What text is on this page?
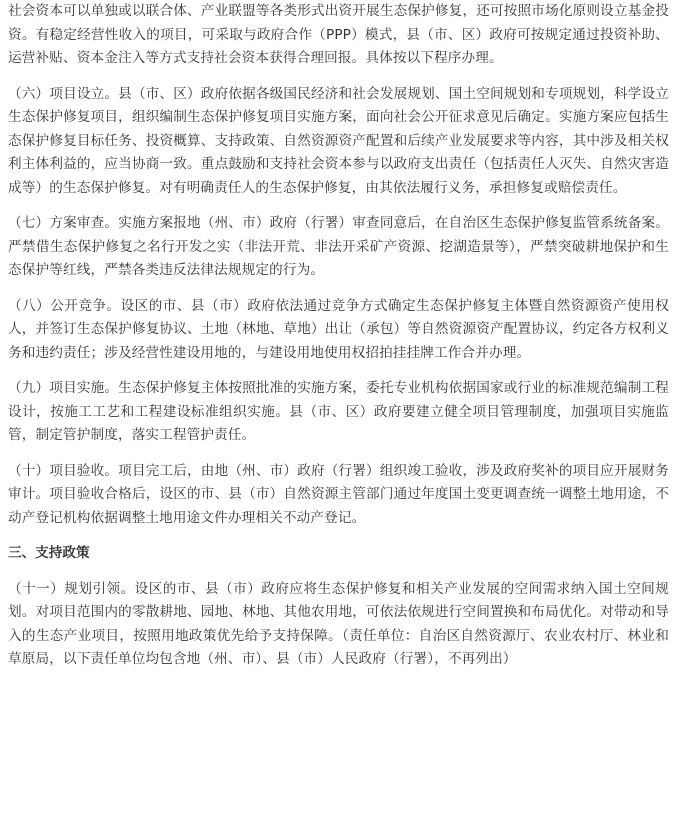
社会资本可以单独或以联合体、产业联盟等各类形式出资开展生态保护修复，还可按照市场化原则设立基金投资。有稳定经营性收入的项目，可采取与政府合作（PPP）模式，县（市、区）政府可按规定通过投资补助、运营补贴、资本金注入等方式支持社会资本获得合理回报。具体按以下程序办理。

（六）项目设立。县（市、区）政府依据各级国民经济和社会发展规划、国土空间规划和专项规划，科学设立生态保护修复项目，组织编制生态保护修复项目实施方案，面向社会公开征求意见后确定。实施方案应包括生态保护修复目标任务、投资概算、支持政策、自然资源资产配置和后续产业发展要求等内容，其中涉及相关权利主体利益的，应当协商一致。重点鼓励和支持社会资本参与以政府支出责任（包括责任人灭失、自然灾害造成等）的生态保护修复。对有明确责任人的生态保护修复，由其依法履行义务，承担修复或赔偿责任。

（七）方案审查。实施方案报地（州、市）政府（行署）审查同意后，在自治区生态保护修复监管系统备案。严禁借生态保护修复之名行开发之实（非法开荒、非法开采矿产资源、挖湖造景等），严禁突破耕地保护和生态保护等红线，严禁各类违反法律法规规定的行为。

（八）公开竞争。设区的市、县（市）政府依法通过竞争方式确定生态保护修复主体暨自然资源资产使用权人，并签订生态保护修复协议、土地（林地、草地）出让（承包）等自然资源资产配置协议，约定各方权利义务和违约责任；涉及经营性建设用地的，与建设用地使用权招拍挂挂牌工作合并办理。

（九）项目实施。生态保护修复主体按照批准的实施方案，委托专业机构依据国家或行业的标准规范编制工程设计，按施工工艺和工程建设标准组织实施。县（市、区）政府要建立健全项目管理制度，加强项目实施监管，制定管护制度，落实工程管护责任。

（十）项目验收。项目完工后，由地（州、市）政府（行署）组织竣工验收，涉及政府奖补的项目应开展财务审计。项目验收合格后，设区的市、县（市）自然资源主管部门通过年度国土变更调查统一调整土地用途，不动产登记机构依据调整土地用途文件办理相关不动产登记。

三、支持政策

（十一）规划引领。设区的市、县（市）政府应将生态保护修复和相关产业发展的空间需求纳入国土空间规划。对项目范围内的零散耕地、园地、林地、其他农用地，可依法依规进行空间置换和布局优化。对带动和导入的生态产业项目，按照用地政策优先给予支持保障。（责任单位：自治区自然资源厅、农业农村厅、林业和草原局，以下责任单位均包含地（州、市）、县（市）人民政府（行署），不再列出）
